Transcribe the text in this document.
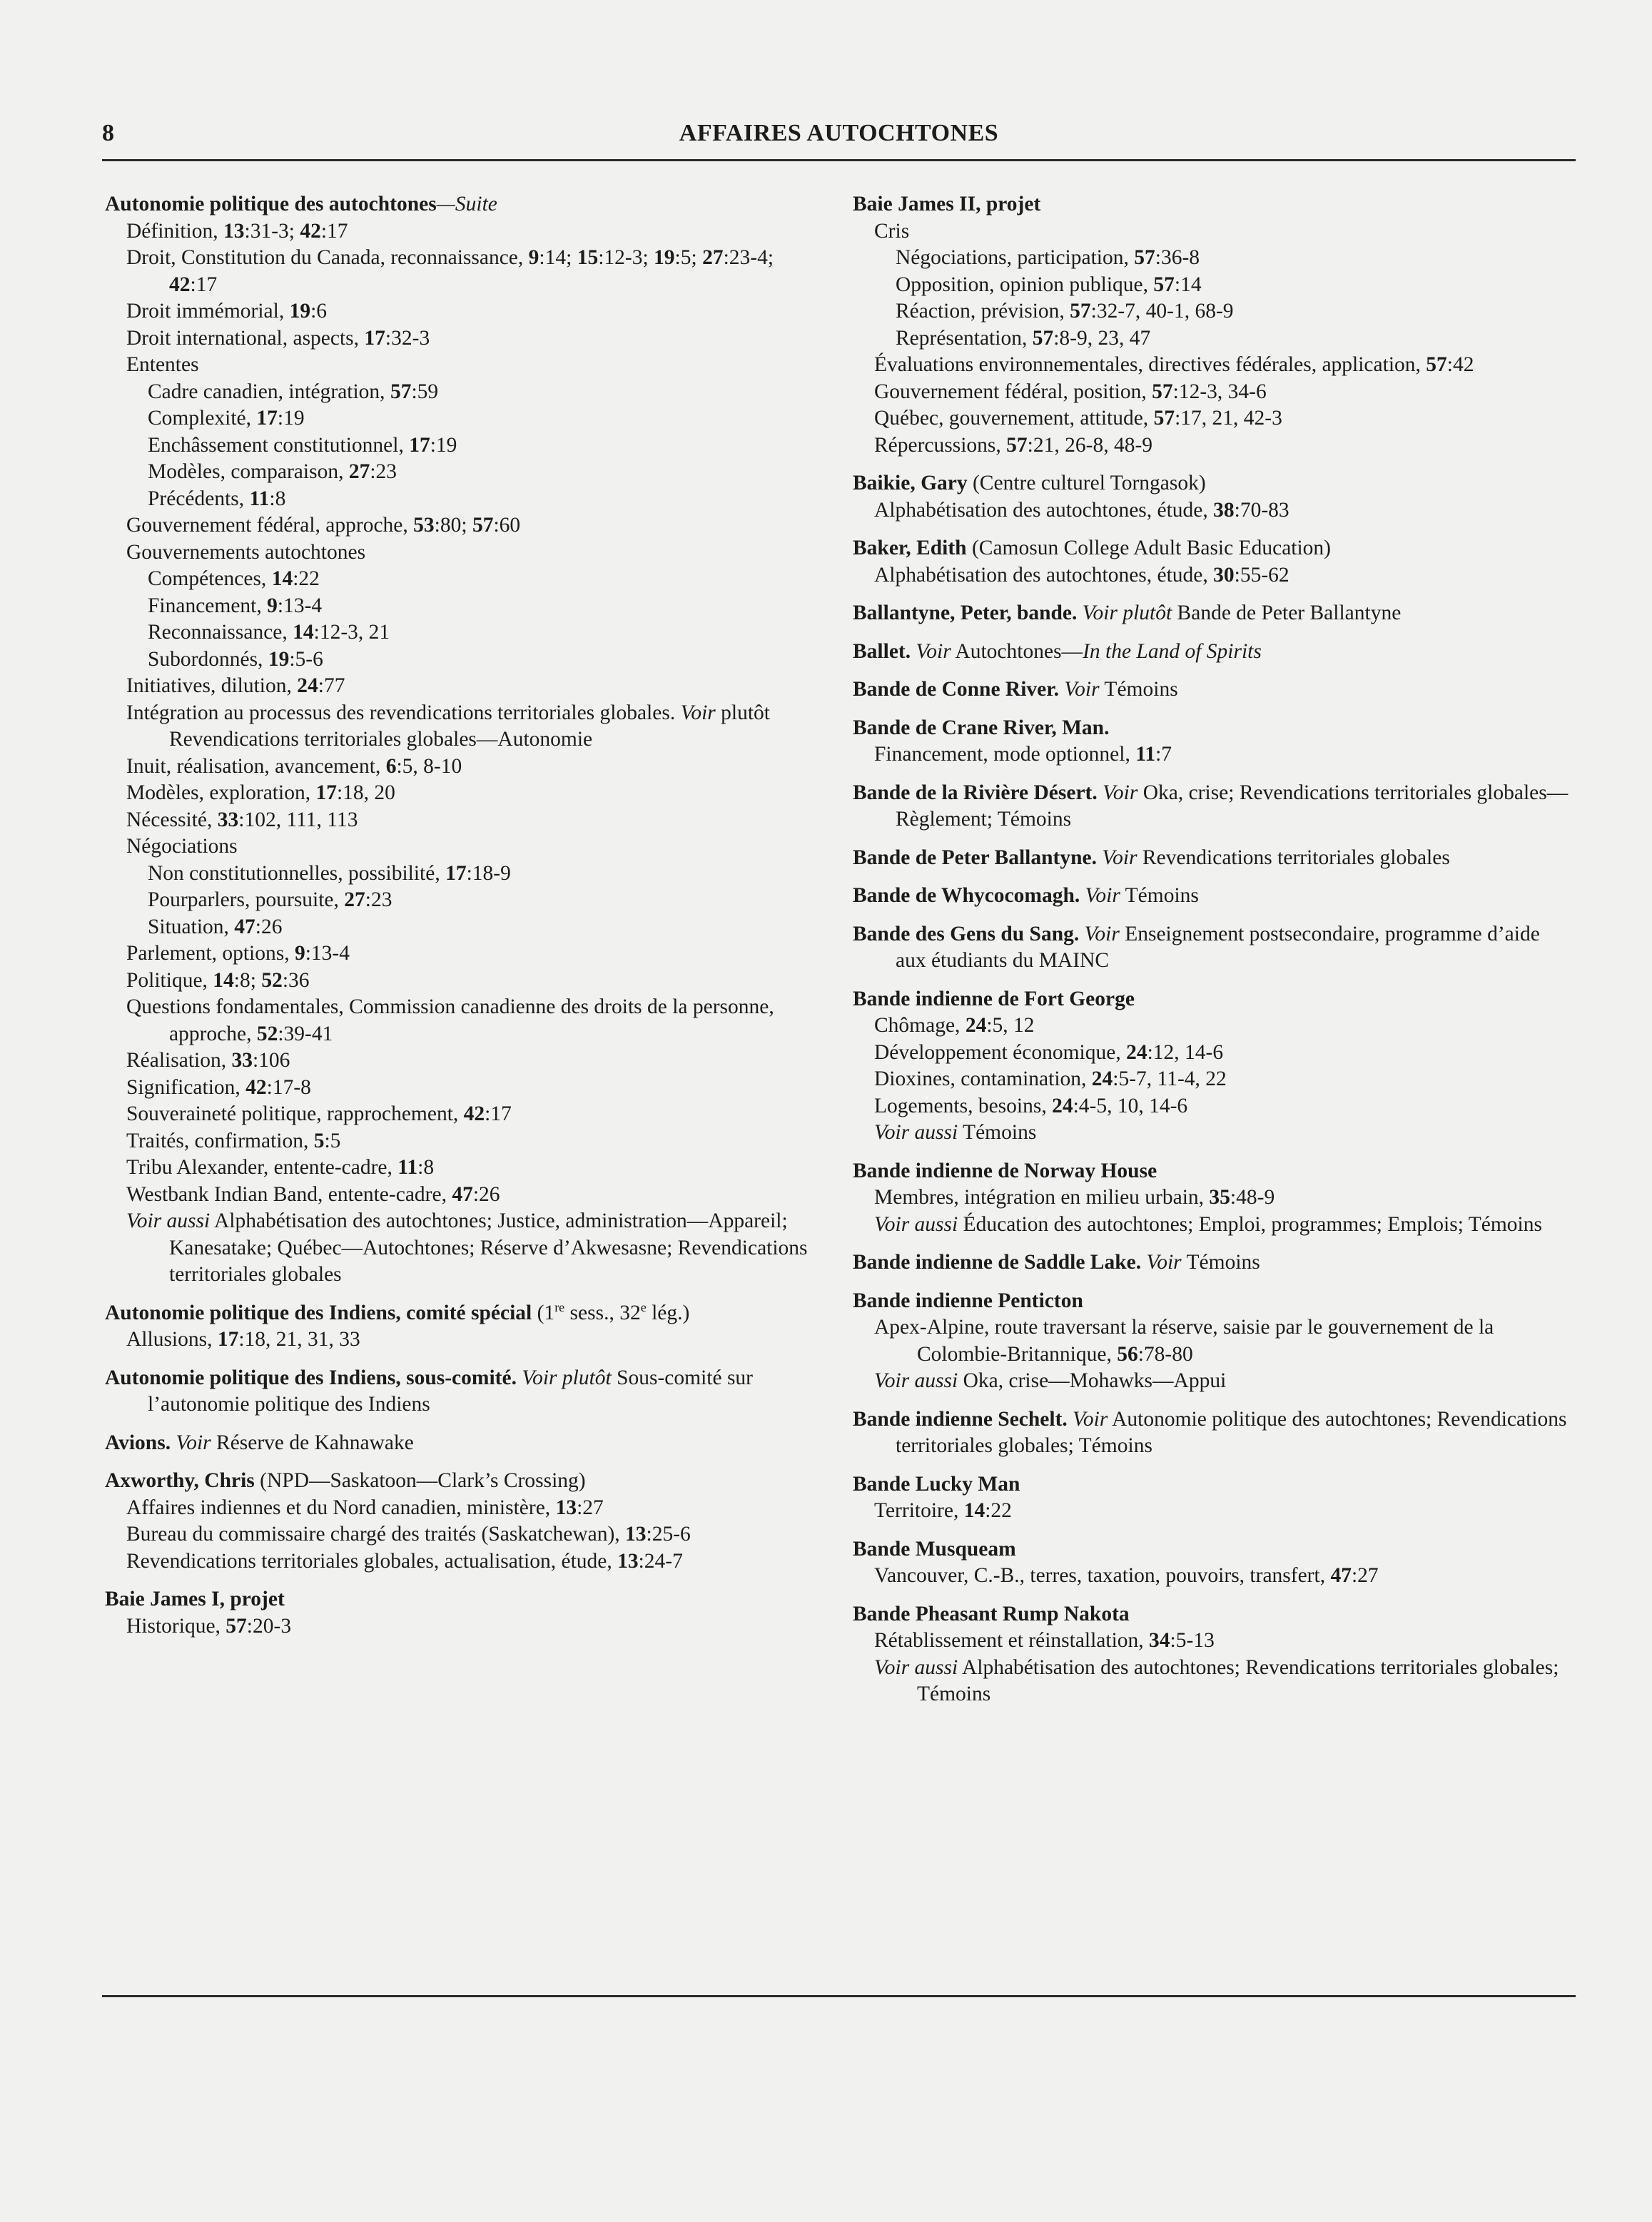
8	AFFAIRES AUTOCHTONES
Autonomie politique des autochtones—Suite
Définition, 13:31-3; 42:17
Droit, Constitution du Canada, reconnaissance, 9:14; 15:12-3; 19:5; 27:23-4; 42:17
Droit immémorial, 19:6
Droit international, aspects, 17:32-3
Ententes
Cadre canadien, intégration, 57:59
Complexité, 17:19
Enchâssement constitutionnel, 17:19
Modèles, comparaison, 27:23
Précédents, 11:8
Gouvernement fédéral, approche, 53:80; 57:60
Gouvernements autochtones
Compétences, 14:22
Financement, 9:13-4
Reconnaissance, 14:12-3, 21
Subordonnés, 19:5-6
Initiatives, dilution, 24:77
Intégration au processus des revendications territoriales globales. Voir plutôt Revendications territoriales globales—Autonomie
Inuit, réalisation, avancement, 6:5, 8-10
Modèles, exploration, 17:18, 20
Nécessité, 33:102, 111, 113
Négociations
Non constitutionnelles, possibilité, 17:18-9
Pourparlers, poursuite, 27:23
Situation, 47:26
Parlement, options, 9:13-4
Politique, 14:8; 52:36
Questions fondamentales, Commission canadienne des droits de la personne, approche, 52:39-41
Réalisation, 33:106
Signification, 42:17-8
Souveraineté politique, rapprochement, 42:17
Traités, confirmation, 5:5
Tribu Alexander, entente-cadre, 11:8
Westbank Indian Band, entente-cadre, 47:26
Voir aussi Alphabétisation des autochtones; Justice, administration—Appareil; Kanesatake; Québec—Autochtones; Réserve d’Akwesasne; Revendications territoriales globales
Autonomie politique des Indiens, comité spécial (1re sess., 32e lég.)
Allusions, 17:18, 21, 31, 33
Autonomie politique des Indiens, sous-comité. Voir plutôt Sous-comité sur l’autonomie politique des Indiens
Avions. Voir Réserve de Kahnawake
Axworthy, Chris (NPD—Saskatoon—Clark’s Crossing)
Affaires indiennes et du Nord canadien, ministère, 13:27
Bureau du commissaire chargé des traités (Saskatchewan), 13:25-6
Revendications territoriales globales, actualisation, étude, 13:24-7
Baie James I, projet
Historique, 57:20-3
Baie James II, projet
Cris
Négociations, participation, 57:36-8
Opposition, opinion publique, 57:14
Réaction, prévision, 57:32-7, 40-1, 68-9
Représentation, 57:8-9, 23, 47
Évaluations environnementales, directives fédérales, application, 57:42
Gouvernement fédéral, position, 57:12-3, 34-6
Québec, gouvernement, attitude, 57:17, 21, 42-3
Répercussions, 57:21, 26-8, 48-9
Baikie, Gary (Centre culturel Torngasok)
Alphabétisation des autochtones, étude, 38:70-83
Baker, Edith (Camosun College Adult Basic Education)
Alphabétisation des autochtones, étude, 30:55-62
Ballantyne, Peter, bande. Voir plutôt Bande de Peter Ballantyne
Ballet. Voir Autochtones—In the Land of Spirits
Bande de Conne River. Voir Témoins
Bande de Crane River, Man.
Financement, mode optionnel, 11:7
Bande de la Rivière Désert. Voir Oka, crise; Revendications territoriales globales—Règlement; Témoins
Bande de Peter Ballantyne. Voir Revendications territoriales globales
Bande de Whycocomagh. Voir Témoins
Bande des Gens du Sang. Voir Enseignement postsecondaire, programme d’aide aux étudiants du MAINC
Bande indienne de Fort George
Chômage, 24:5, 12
Développement économique, 24:12, 14-6
Dioxines, contamination, 24:5-7, 11-4, 22
Logements, besoins, 24:4-5, 10, 14-6
Voir aussi Témoins
Bande indienne de Norway House
Membres, intégration en milieu urbain, 35:48-9
Voir aussi Éducation des autochtones; Emploi, programmes; Emplois; Témoins
Bande indienne de Saddle Lake. Voir Témoins
Bande indienne Penticton
Apex-Alpine, route traversant la réserve, saisie par le gouvernement de la Colombie-Britannique, 56:78-80
Voir aussi Oka, crise—Mohawks—Appui
Bande indienne Sechelt. Voir Autonomie politique des autochtones; Revendications territoriales globales; Témoins
Bande Lucky Man
Territoire, 14:22
Bande Musqueam
Vancouver, C.-B., terres, taxation, pouvoirs, transfert, 47:27
Bande Pheasant Rump Nakota
Rétablissement et réinstallation, 34:5-13
Voir aussi Alphabétisation des autochtones; Revendications territoriales globales; Témoins
